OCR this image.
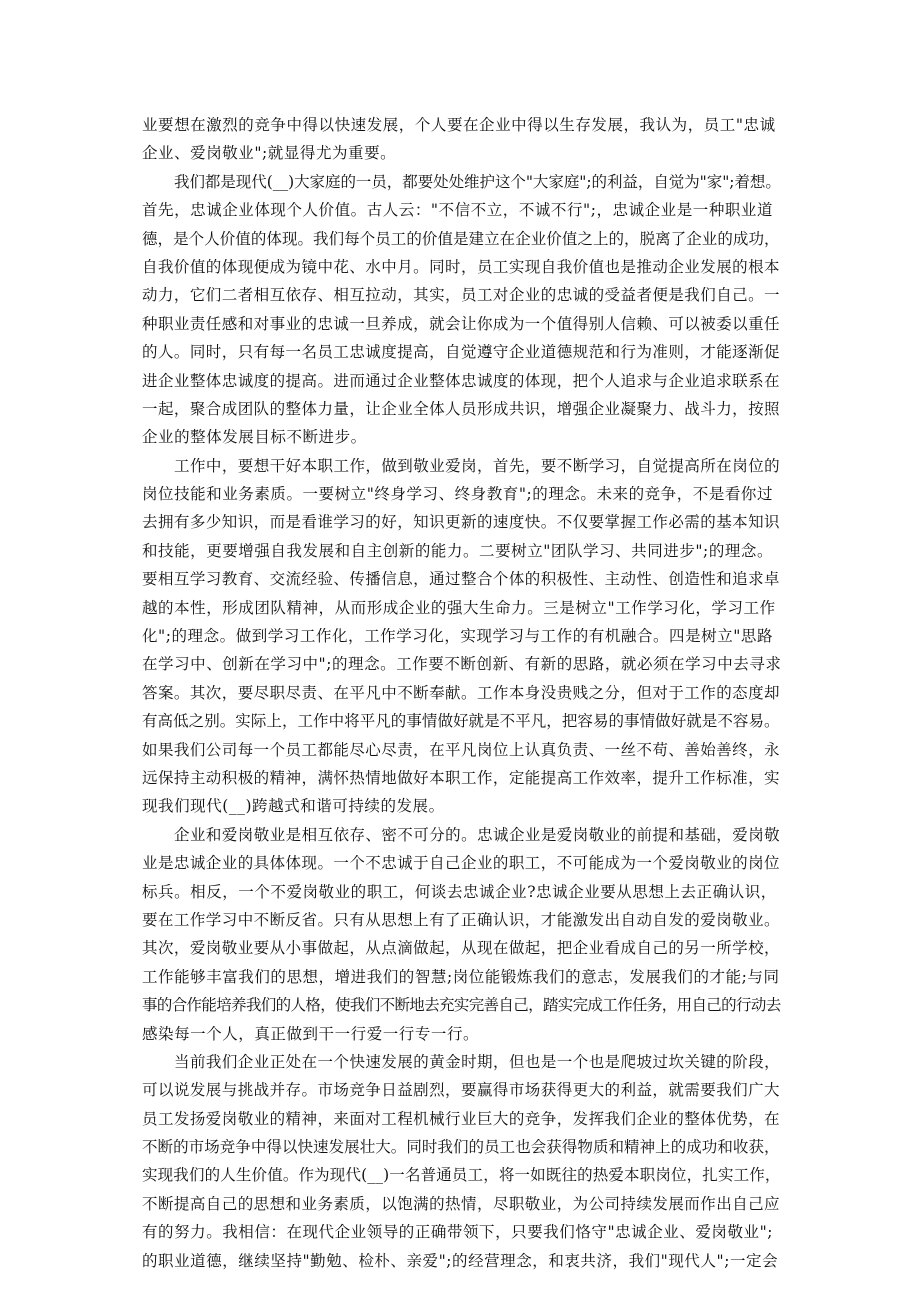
业要想在激烈的竞争中得以快速发展，个人要在企业中得以生存发展，我认为，员工"忠诚
企业、爱岗敬业";就显得尤为重要。
我们都是现代(__)大家庭的一员，都要处处维护这个"大家庭";的利益，自觉为"家";着想。
首先，忠诚企业体现个人价值。古人云："不信不立，不诚不行";，忠诚企业是一种职业道
德，是个人价值的体现。我们每个员工的价值是建立在企业价值之上的，脱离了企业的成功，
自我价值的体现便成为镜中花、水中月。同时，员工实现自我价值也是推动企业发展的根本
动力，它们二者相互依存、相互拉动，其实，员工对企业的忠诚的受益者便是我们自己。一
种职业责任感和对事业的忠诚一旦养成，就会让你成为一个值得别人信赖、可以被委以重任
的人。同时，只有每一名员工忠诚度提高，自觉遵守企业道德规范和行为准则，才能逐渐促
进企业整体忠诚度的提高。进而通过企业整体忠诚度的体现，把个人追求与企业追求联系在
一起，聚合成团队的整体力量，让企业全体人员形成共识，增强企业凝聚力、战斗力，按照
企业的整体发展目标不断进步。
工作中，要想干好本职工作，做到敬业爱岗，首先，要不断学习，自觉提高所在岗位的
岗位技能和业务素质。一要树立"终身学习、终身教育";的理念。未来的竞争，不是看你过
去拥有多少知识，而是看谁学习的好，知识更新的速度快。不仅要掌握工作必需的基本知识
和技能，更要增强自我发展和自主创新的能力。二要树立"团队学习、共同进步";的理念。
要相互学习教育、交流经验、传播信息，通过整合个体的积极性、主动性、创造性和追求卓
越的本性，形成团队精神，从而形成企业的强大生命力。三是树立"工作学习化，学习工作
化";的理念。做到学习工作化，工作学习化，实现学习与工作的有机融合。四是树立"思路
在学习中、创新在学习中";的理念。工作要不断创新、有新的思路，就必须在学习中去寻求
答案。其次，要尽职尽责、在平凡中不断奉献。工作本身没贵贱之分，但对于工作的态度却
有高低之别。实际上，工作中将平凡的事情做好就是不平凡，把容易的事情做好就是不容易。
如果我们公司每一个员工都能尽心尽责，在平凡岗位上认真负责、一丝不苟、善始善终，永
远保持主动积极的精神，满怀热情地做好本职工作，定能提高工作效率，提升工作标准，实
现我们现代(__)跨越式和谐可持续的发展。
企业和爱岗敬业是相互依存、密不可分的。忠诚企业是爱岗敬业的前提和基础，爱岗敬
业是忠诚企业的具体体现。一个不忠诚于自己企业的职工，不可能成为一个爱岗敬业的岗位
标兵。相反，一个不爱岗敬业的职工，何谈去忠诚企业?忠诚企业要从思想上去正确认识，
要在工作学习中不断反省。只有从思想上有了正确认识，才能激发出自动自发的爱岗敬业。
其次，爱岗敬业要从小事做起，从点滴做起，从现在做起，把企业看成自己的另一所学校，
工作能够丰富我们的思想，增进我们的智慧;岗位能锻炼我们的意志，发展我们的才能;与同
事的合作能培养我们的人格，使我们不断地去充实完善自己，踏实完成工作任务，用自己的行动去
感染每一个人，真正做到干一行爱一行专一行。
当前我们企业正处在一个快速发展的黄金时期，但也是一个也是爬坡过坎关键的阶段，
可以说发展与挑战并存。市场竞争日益剧烈，要赢得市场获得更大的利益，就需要我们广大
员工发扬爱岗敬业的精神，来面对工程机械行业巨大的竞争，发挥我们企业的整体优势，在
不断的市场竞争中得以快速发展壮大。同时我们的员工也会获得物质和精神上的成功和收获，
实现我们的人生价值。作为现代(__)一名普通员工，将一如既往的热爱本职岗位，扎实工作，
不断提高自己的思想和业务素质，以饱满的热情，尽职敬业，为公司持续发展而作出自己应
有的努力。我相信：在现代企业领导的正确带领下，只要我们恪守"忠诚企业、爱岗敬业";
的职业道德，继续坚持"勤勉、检朴、亲爱";的经营理念，和衷共济，我们"现代人";一定会
